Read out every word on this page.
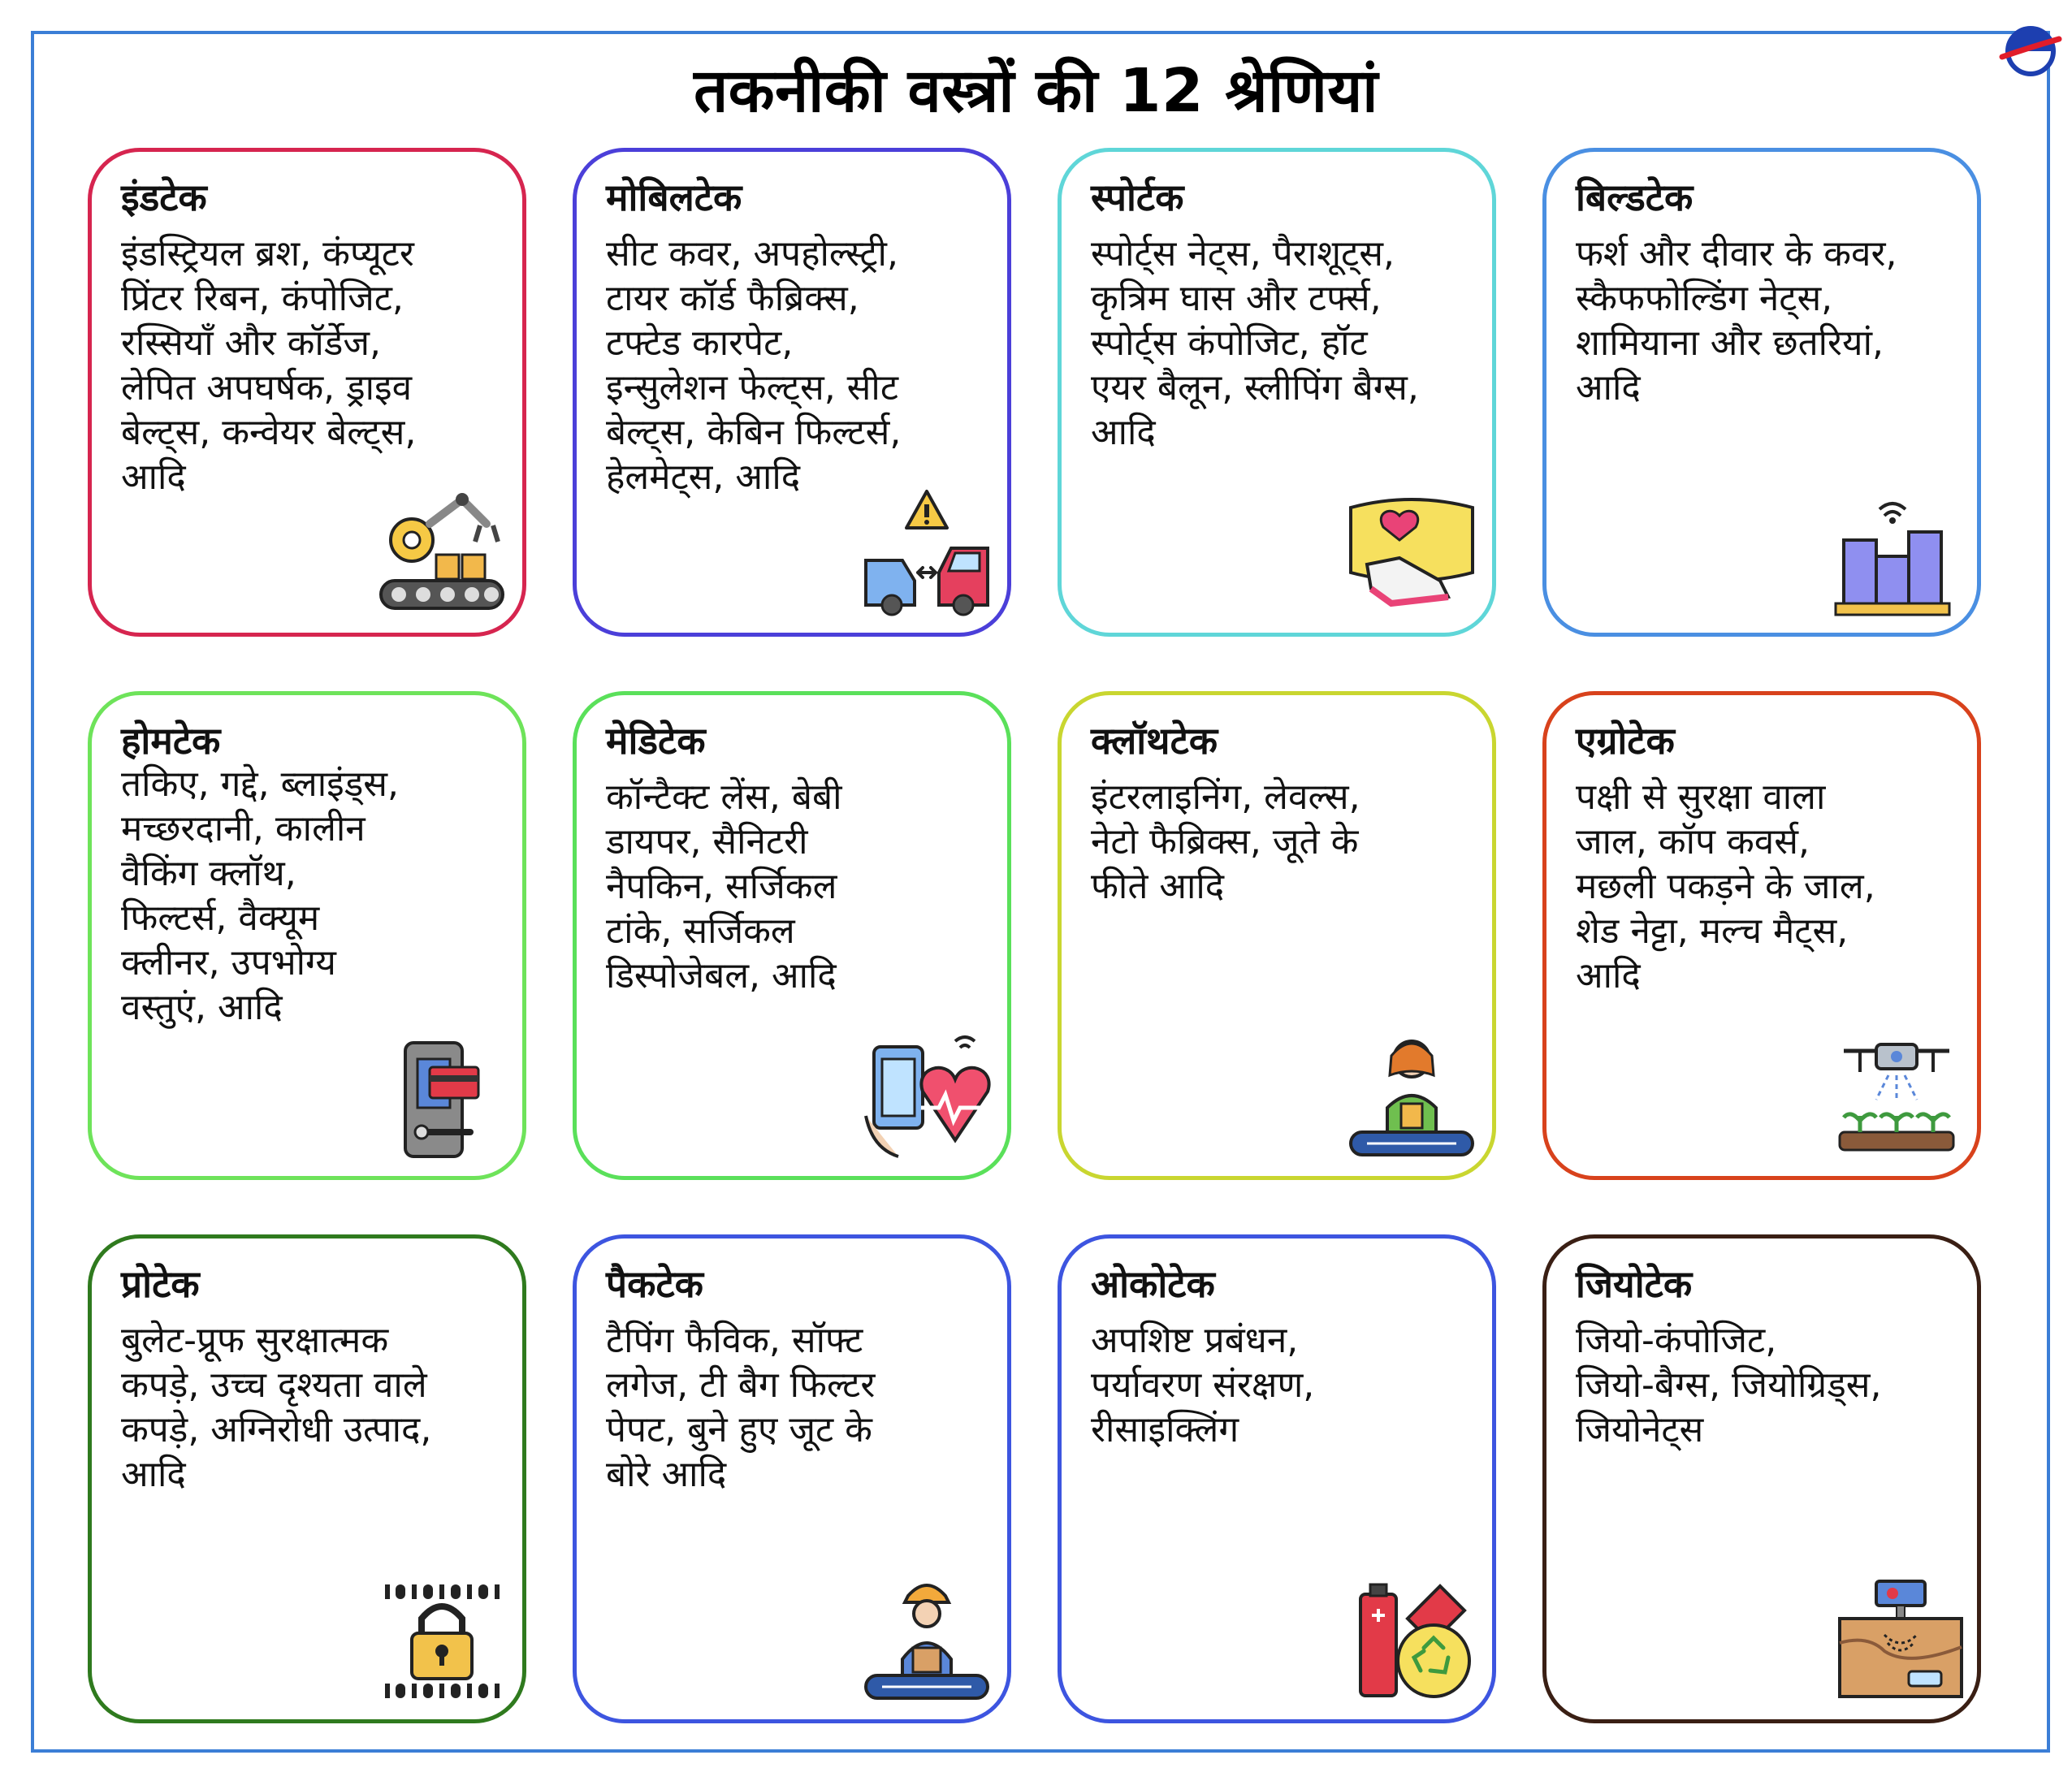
तकनीकी वस्त्रों की 12 श्रेणियां
इंडटेक
इंडस्ट्रियल ब्रश, कंप्यूटर
प्रिंटर रिबन, कंपोजिट,
रस्सियाँ और कॉर्डेज,
लेपित अपघर्षक, ड्राइव
बेल्ट्स, कन्वेयर बेल्ट्स,
आदि
मोबिलटेक
सीट कवर, अपहोल्स्ट्री,
टायर कॉर्ड फैब्रिक्स,
टफ्टेड कारपेट,
इन्सुलेशन फेल्ट्स, सीट
बेल्ट्स, केबिन फिल्टर्स,
हेलमेट्स, आदि
स्पोर्टक
स्पोर्ट्स नेट्स, पैराशूट्स,
कृत्रिम घास और टर्फ्स,
स्पोर्ट्स कंपोजिट, हॉट
एयर बैलून, स्लीपिंग बैग्स,
आदि
बिल्डटेक
फर्श और दीवार के कवर,
स्कैफफोल्डिंग नेट्स,
शामियाना और छतरियां,
आदि
होमटेक
तकिए, गद्दे, ब्लाइंड्स,
मच्छरदानी, कालीन
वैकिंग क्लॉथ,
फिल्टर्स, वैक्यूम
क्लीनर, उपभोग्य
वस्तुएं, आदि
मेडिटेक
कॉन्टैक्ट लेंस, बेबी
डायपर, सैनिटरी
नैपकिन, सर्जिकल
टांके, सर्जिकल
डिस्पोजेबल, आदि
क्लॉथटेक
इंटरलाइनिंग, लेवल्स,
नेटो फैब्रिक्स, जूते के
फीते आदि
एग्रोटेक
पक्षी से सुरक्षा वाला
जाल, कॉप कवर्स,
मछली पकड़ने के जाल,
शेड नेट्टा, मल्च मैट्स,
आदि
प्रोटेक
बुलेट-प्रूफ सुरक्षात्मक
कपड़े, उच्च दृश्यता वाले
कपड़े, अग्निरोधी उत्पाद,
आदि
पैकटेक
टैपिंग फैविक, सॉफ्ट
लगेज, टी बैग फिल्टर
पेपट, बुने हुए जूट के
बोरे आदि
ओकोटेक
अपशिष्ट प्रबंधन,
पर्यावरण संरक्षण,
रीसाइक्लिंग
जियोटेक
जियो-कंपोजिट,
जियो-बैग्स, जियोग्रिड्स,
जियोनेट्स
